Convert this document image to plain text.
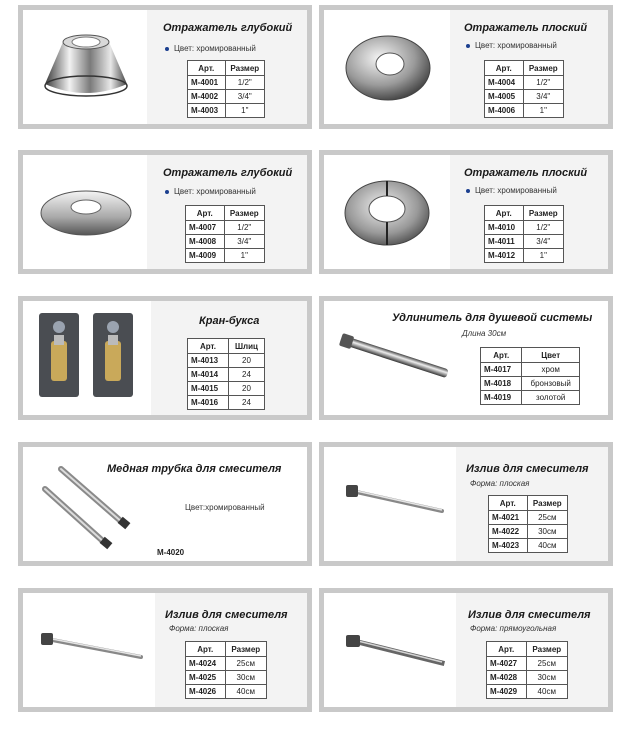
Отражатель глубокий
Цвет: хромированный
Арт.	Размер
М-4001	1/2"
М-4002	3/4"
М-4003	1"
Отражатель плоский
Цвет: хромированный
Арт.	Размер
М-4004	1/2"
М-4005	3/4"
М-4006	1"
Отражатель глубокий
Цвет: хромированный
Арт.	Размер
М-4007	1/2"
М-4008	3/4"
М-4009	1"
Отражатель плоский
Цвет: хромированный
Арт.	Размер
М-4010	1/2"
М-4011	3/4"
М-4012	1"
Кран-букса
Арт.	Шлиц
М-4013	20
М-4014	24
М-4015	20
М-4016	24
Удлинитель для душевой системы
Длина 30см
Арт.	Цвет
М-4017	хром
М-4018	бронзовый
М-4019	золотой
Медная трубка для смесителя
Цвет:хромированный
М-4020
Излив для смесителя
Форма: плоская
Арт.	Размер
М-4021	25см
М-4022	30см
М-4023	40см
Излив для смесителя
Форма: плоская
Арт.	Размер
М-4024	25см
М-4025	30см
М-4026	40см
Излив для смесителя
Форма: прямоугольная
Арт.	Размер
М-4027	25см
М-4028	30см
М-4029	40см
